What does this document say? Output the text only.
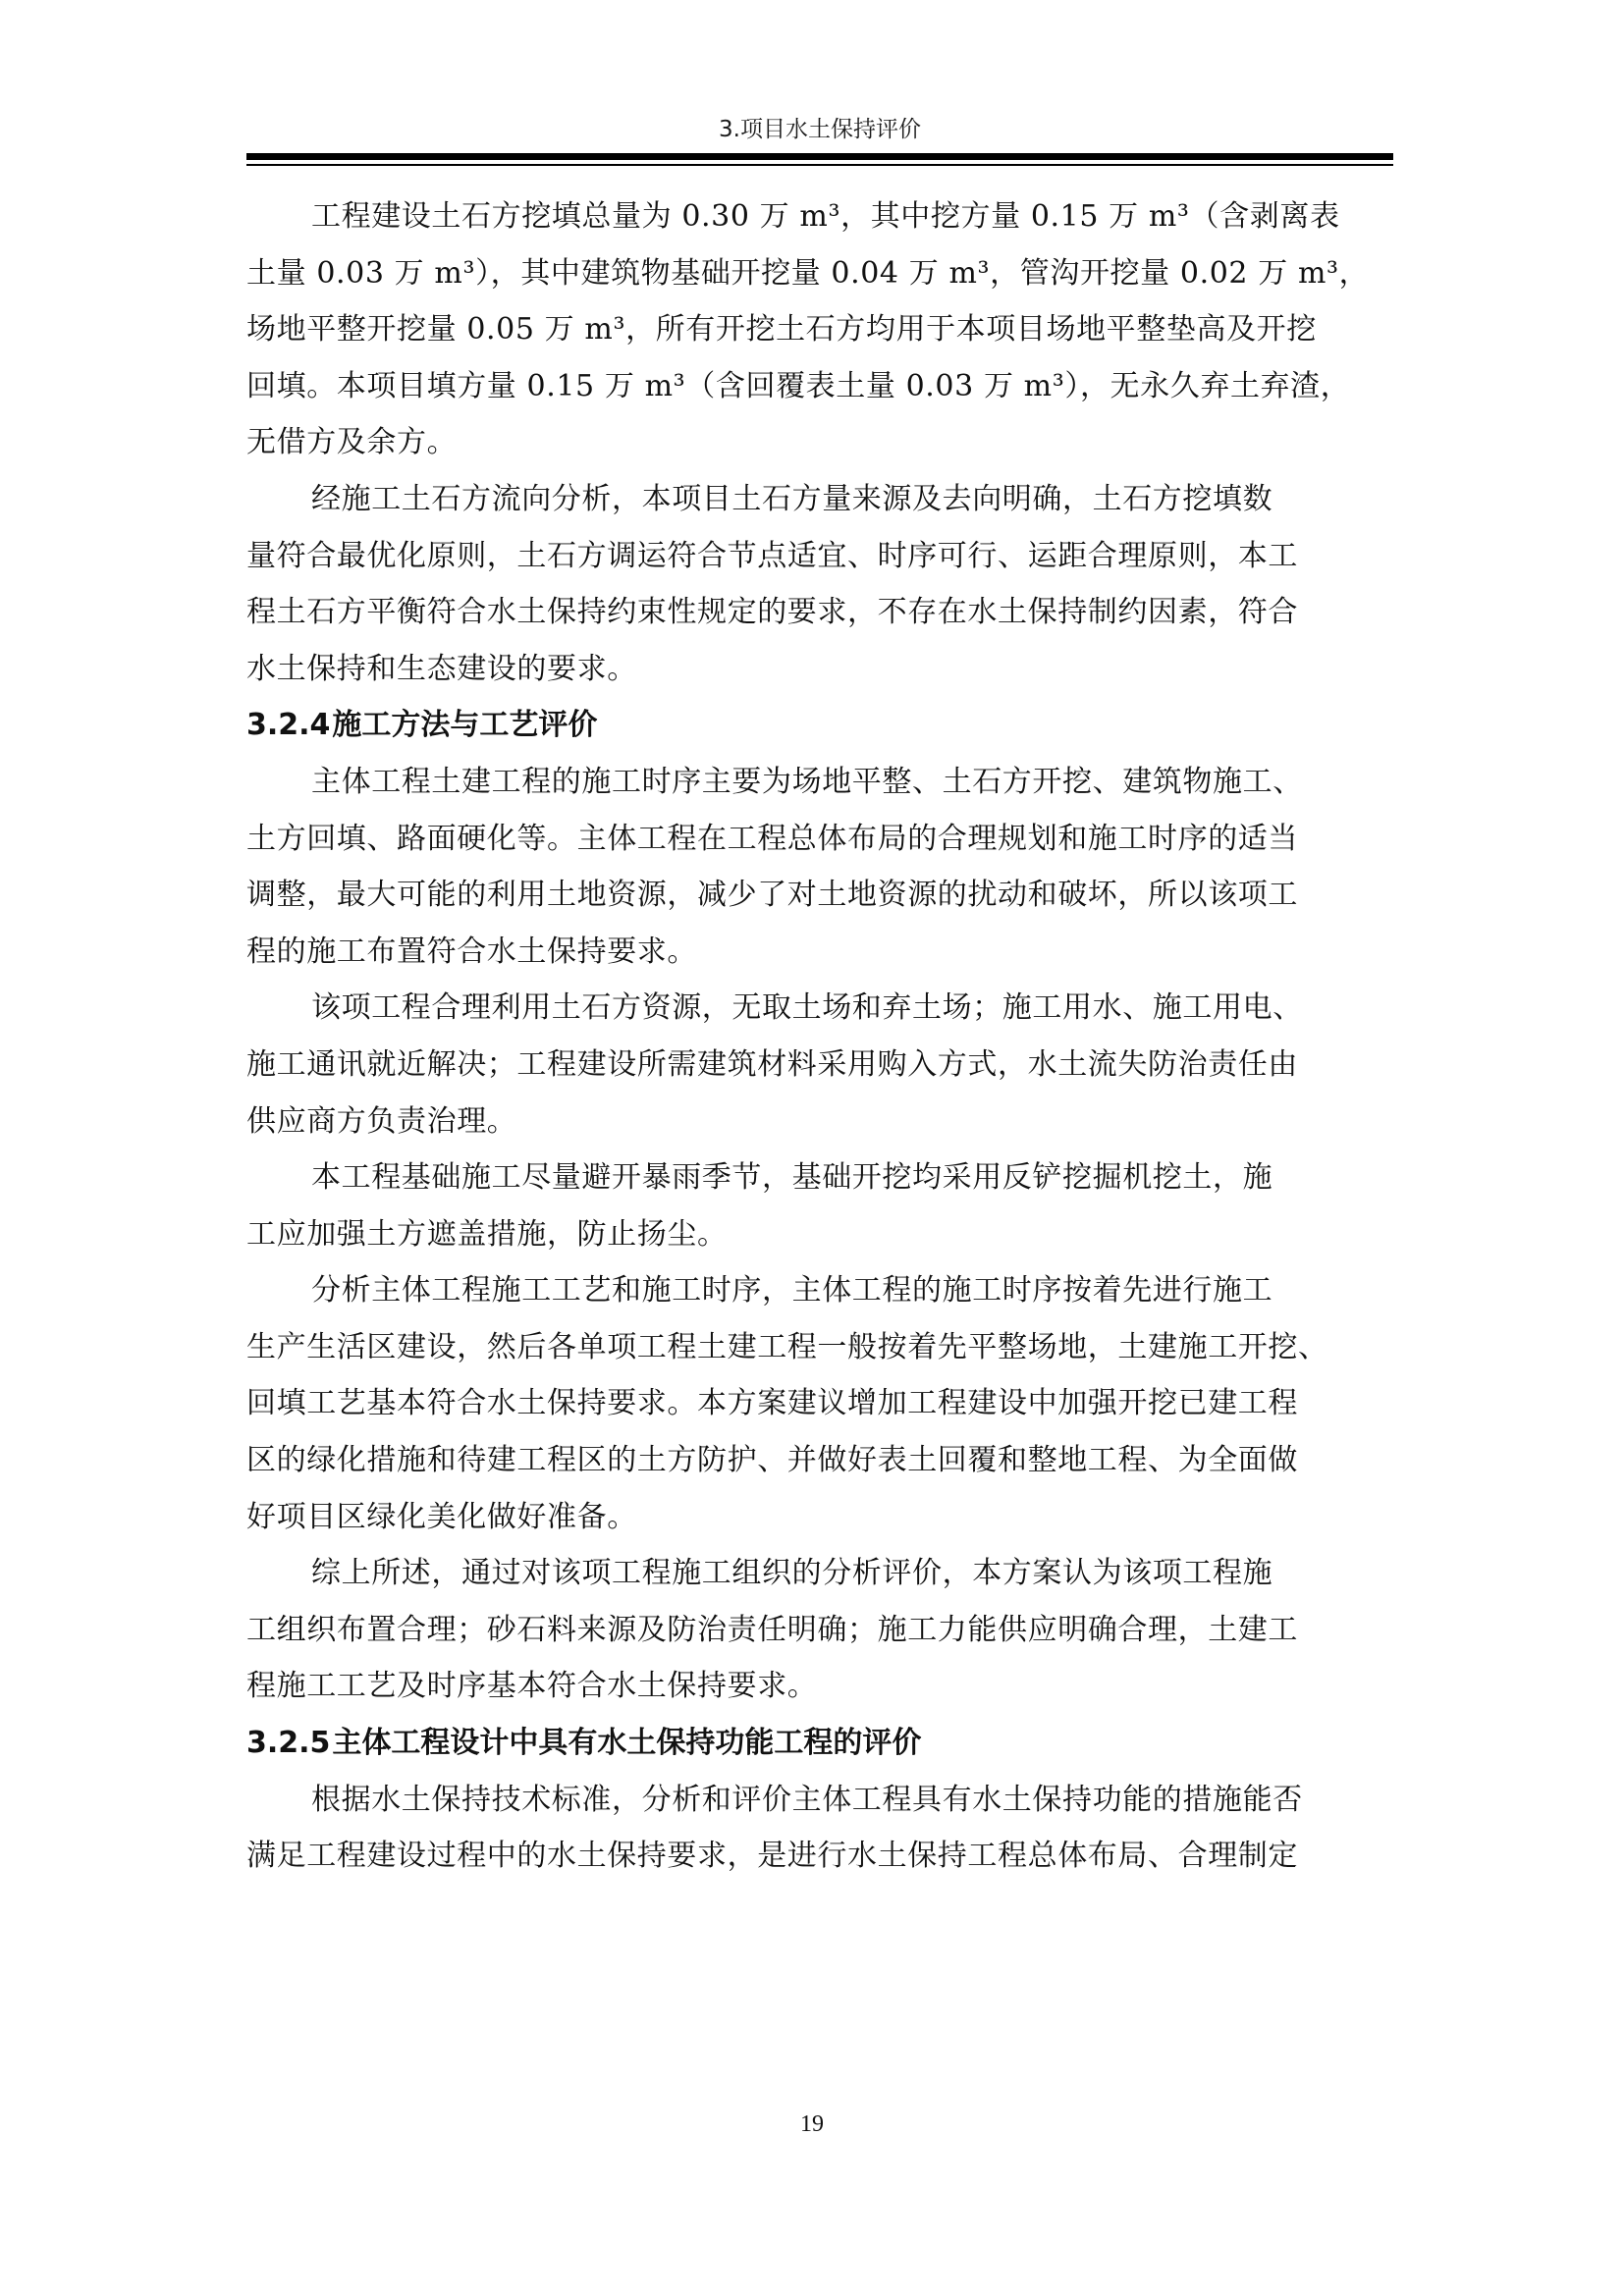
3.项目水土保持评价

工程建设土石方挖填总量为 0.30 万 m³，其中挖方量 0.15 万 m³（含剥离表
土量 0.03 万 m³），其中建筑物基础开挖量 0.04 万 m³，管沟开挖量 0.02 万 m³，
场地平整开挖量 0.05 万 m³，所有开挖土石方均用于本项目场地平整垫高及开挖
回填。本项目填方量 0.15 万 m³（含回覆表土量 0.03 万 m³），无永久弃土弃渣，
无借方及余方。

经施工土石方流向分析，本项目土石方量来源及去向明确，土石方挖填数
量符合最优化原则，土石方调运符合节点适宜、时序可行、运距合理原则，本工
程土石方平衡符合水土保持约束性规定的要求，不存在水土保持制约因素，符合
水土保持和生态建设的要求。

3.2.4施工方法与工艺评价

主体工程土建工程的施工时序主要为场地平整、土石方开挖、建筑物施工、
土方回填、路面硬化等。主体工程在工程总体布局的合理规划和施工时序的适当
调整，最大可能的利用土地资源，减少了对土地资源的扰动和破坏，所以该项工
程的施工布置符合水土保持要求。

该项工程合理利用土石方资源，无取土场和弃土场；施工用水、施工用电、
施工通讯就近解决；工程建设所需建筑材料采用购入方式，水土流失防治责任由
供应商方负责治理。

本工程基础施工尽量避开暴雨季节，基础开挖均采用反铲挖掘机挖土，施
工应加强土方遮盖措施，防止扬尘。

分析主体工程施工工艺和施工时序，主体工程的施工时序按着先进行施工
生产生活区建设，然后各单项工程土建工程一般按着先平整场地，土建施工开挖、
回填工艺基本符合水土保持要求。本方案建议增加工程建设中加强开挖已建工程
区的绿化措施和待建工程区的土方防护、并做好表土回覆和整地工程、为全面做
好项目区绿化美化做好准备。

综上所述，通过对该项工程施工组织的分析评价，本方案认为该项工程施
工组织布置合理；砂石料来源及防治责任明确；施工力能供应明确合理，土建工
程施工工艺及时序基本符合水土保持要求。

3.2.5主体工程设计中具有水土保持功能工程的评价

根据水土保持技术标准，分析和评价主体工程具有水土保持功能的措施能否
满足工程建设过程中的水土保持要求，是进行水土保持工程总体布局、合理制定

19
